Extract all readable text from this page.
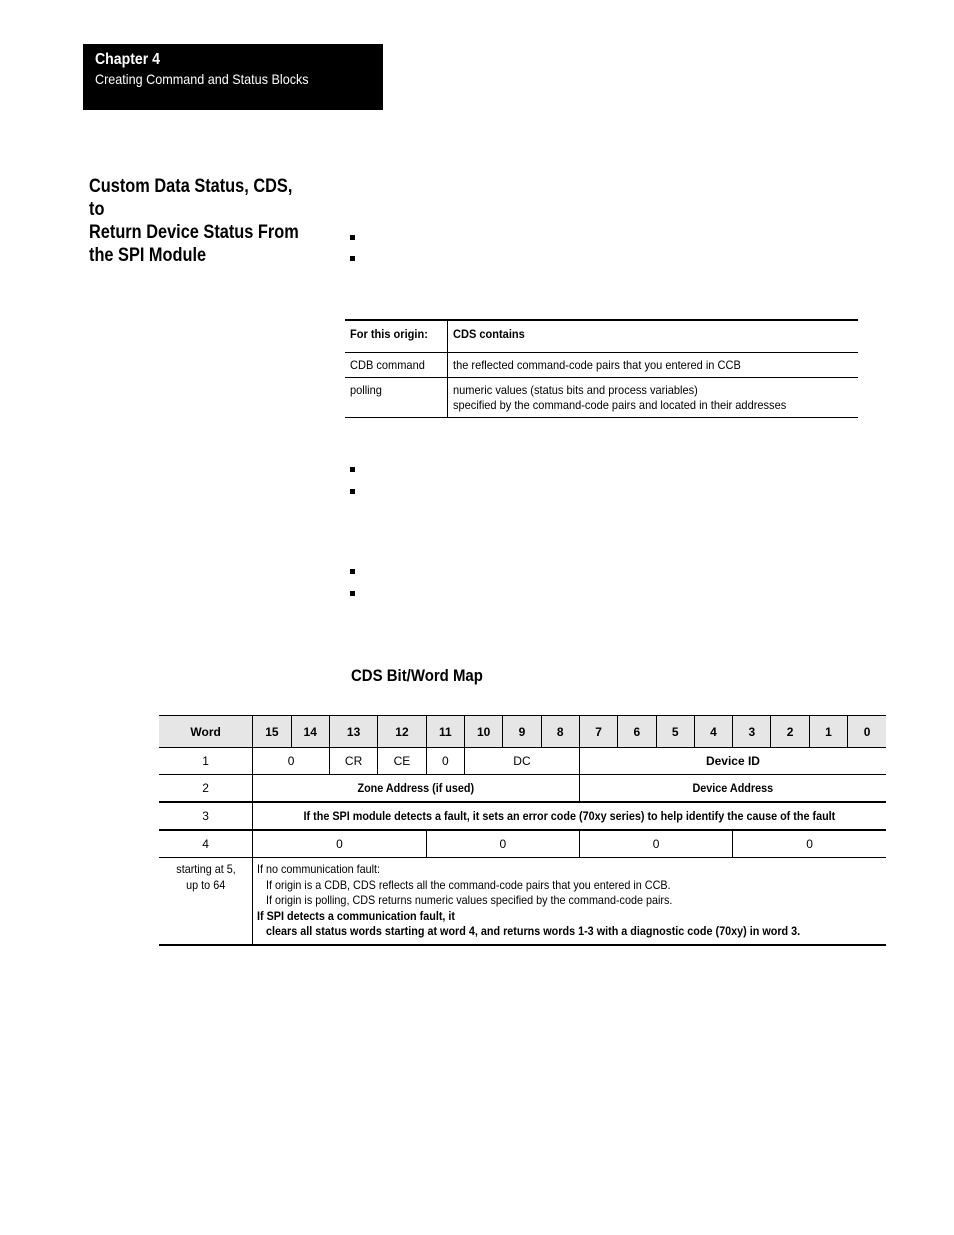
Chapter 4
Creating Command and Status Blocks
Custom Data Status, CDS, to
Return Device Status From
the SPI Module
For this origin:	CDS contains

CDB command	the reflected command-code pairs that you entered in CCB

polling	numeric values (status bits and process variables)
specified by the command-code pairs and located in their addresses
CDS Bit/Word Map
Word	15	14	13	12	11	10	9	8	7	6	5	4	3	2	1	0
1	0		CR	CE	0	DC			Device ID							
2	Zone Address (if used)								Device Address							
3	If the SPI module detects a fault, it sets an error code (70xy series) to help identify the cause of the fault															
4	0				0				0				0			
starting at 5,
up to 64	If no communication fault:
If origin is a CDB, CDS reflects all the command-code pairs that you entered in CCB.
If origin is polling, CDS returns numeric values specified by the command-code pairs.
If SPI detects a communication fault, it
clears all status words starting at word 4, and returns words 1-3 with a diagnostic code (70xy) in word 3.															
